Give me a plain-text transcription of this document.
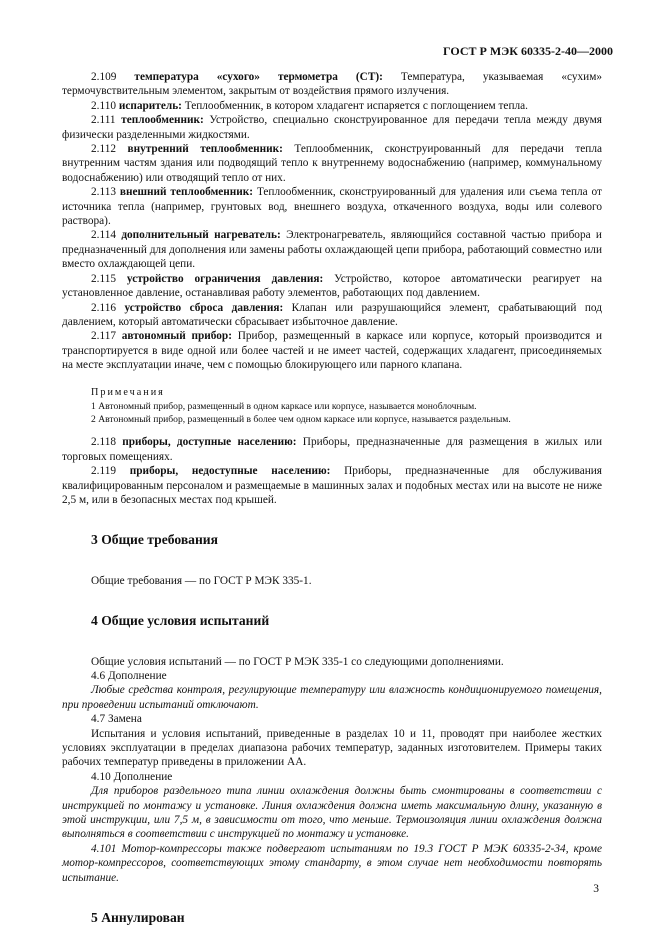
ГОСТ Р МЭК 60335-2-40—2000

2.109 температура «сухого» термометра (СТ): Температура, указываемая «сухим» термочувствительным элементом, закрытым от воздействия прямого излучения.

2.110 испаритель: Теплообменник, в котором хладагент испаряется с поглощением тепла.

2.111 теплообменник: Устройство, специально сконструированное для передачи тепла между двумя физически разделенными жидкостями.

2.112 внутренний теплообменник: Теплообменник, сконструированный для передачи тепла внутренним частям здания или подводящий тепло к внутреннему водоснабжению (например, коммунальному водоснабжению) или отводящий тепло от них.

2.113 внешний теплообменник: Теплообменник, сконструированный для удаления или съема тепла от источника тепла (например, грунтовых вод, внешнего воздуха, откаченного воздуха, воды или солевого раствора).

2.114 дополнительный нагреватель: Электронагреватель, являющийся составной частью прибора и предназначенный для дополнения или замены работы охлаждающей цепи прибора, работающий совместно или вместо охлаждающей цепи.

2.115 устройство ограничения давления: Устройство, которое автоматически реагирует на установленное давление, останавливая работу элементов, работающих под давлением.

2.116 устройство сброса давления: Клапан или разрушающийся элемент, срабатывающий под давлением, который автоматически сбрасывает избыточное давление.

2.117 автономный прибор: Прибор, размещенный в каркасе или корпусе, который производится и транспортируется в виде одной или более частей и не имеет частей, содержащих хладагент, присоединяемых на месте эксплуатации иначе, чем с помощью блокирующего или парного клапана.

Примечания
1 Автономный прибор, размещенный в одном каркасе или корпусе, называется моноблочным.
2 Автономный прибор, размещенный в более чем одном каркасе или корпусе, называется раздельным.

2.118 приборы, доступные населению: Приборы, предназначенные для размещения в жилых или торговых помещениях.

2.119 приборы, недоступные населению: Приборы, предназначенные для обслуживания квалифицированным персоналом и размещаемые в машинных залах и подобных местах или на высоте не ниже 2,5 м, или в безопасных местах под крышей.

3 Общие требования

Общие требования — по ГОСТ Р МЭК 335-1.

4 Общие условия испытаний

Общие условия испытаний — по ГОСТ Р МЭК 335-1 со следующими дополнениями.

4.6 Дополнение

Любые средства контроля, регулирующие температуру или влажность кондиционируемого помещения, при проведении испытаний отключают.

4.7 Замена

Испытания и условия испытаний, приведенные в разделах 10 и 11, проводят при наиболее жестких условиях эксплуатации в пределах диапазона рабочих температур, заданных изготовителем. Примеры таких рабочих температур приведены в приложении АА.

4.10 Дополнение

Для приборов раздельного типа линии охлаждения должны быть смонтированы в соответствии с инструкцией по монтажу и установке. Линия охлаждения должна иметь максимальную длину, указанную в этой инструкции, или 7,5 м, в зависимости от того, что меньше. Термоизоляция линии охлаждения должна выполняться в соответствии с инструкцией по монтажу и установке.

4.101 Мотор-компрессоры также подвергают испытаниям по 19.3 ГОСТ Р МЭК 60335-2-34, кроме мотор-компрессоров, соответствующих этому стандарту, в этом случае нет необходимости повторять испытание.

5 Аннулирован
3
